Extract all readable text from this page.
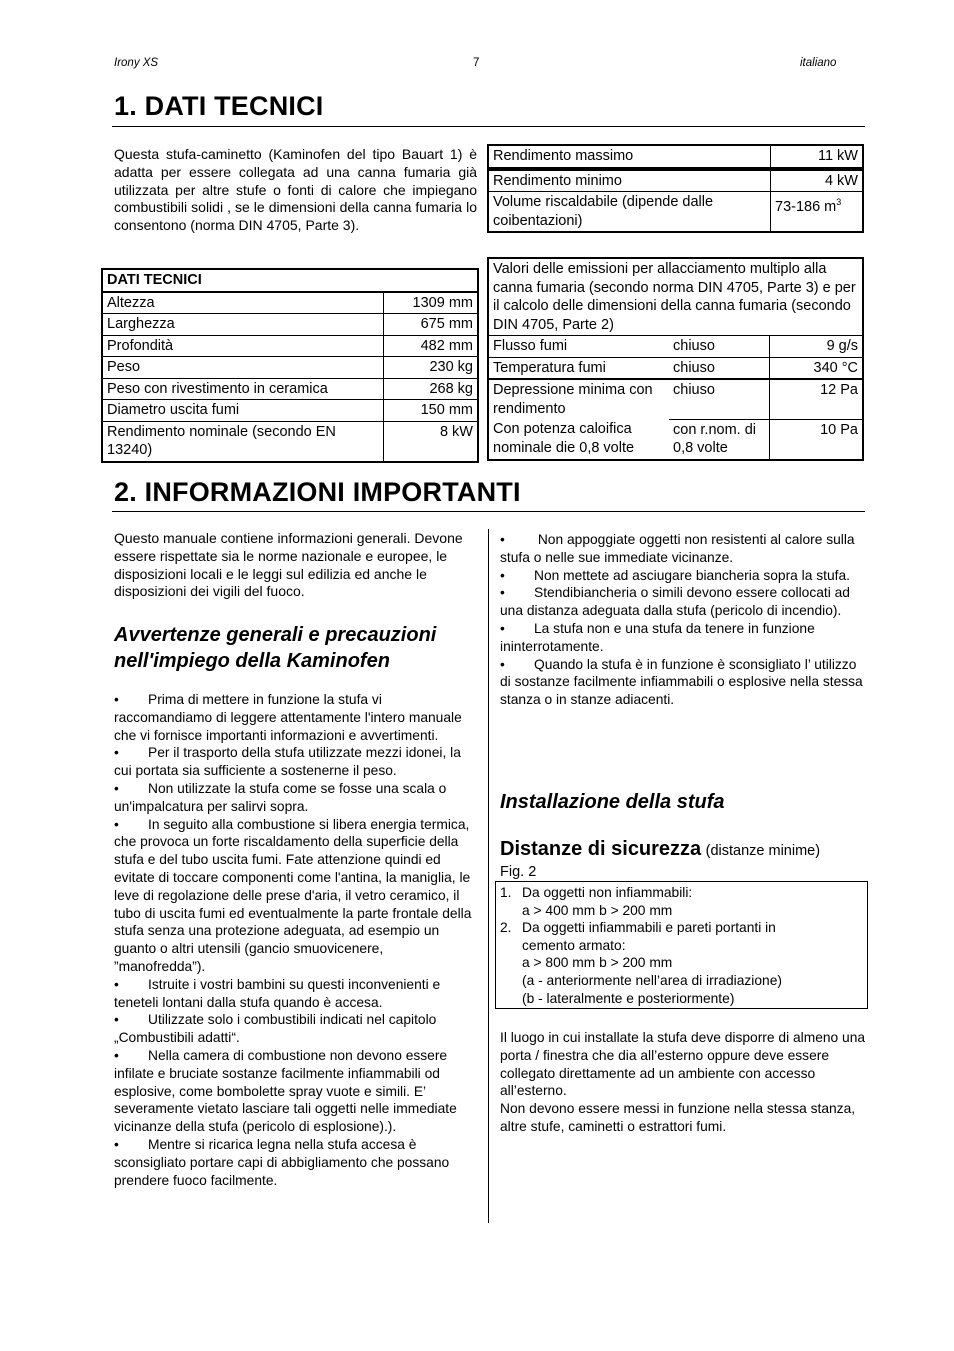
Irony XS	7	italiano
1. DATI TECNICI
Questa stufa-caminetto (Kaminofen del tipo Bauart 1) è adatta per essere collegata ad una canna fumaria già utilizzata per altre stufe o fonti di calore che impiegano combustibili solidi , se le dimensioni della canna fumaria lo consentono (norma DIN 4705, Parte 3).
Rendimento massimo	11 kW
Rendimento minimo	4 kW
Volume riscaldabile (dipende dalle coibentazioni)	73-186 $m^3$
DATI TECNICI	
Altezza	1309 mm
Larghezza	675 mm
Profondità	482 mm
Peso	230 kg
Peso con rivestimento in ceramica	268 kg
Diametro uscita fumi	150 mm
Rendimento nominale (secondo EN 13240)	8 kW
Valori delle emissioni per allacciamento multiplo alla canna fumaria (secondo norma DIN 4705, Parte 3) e per il calcolo delle dimensioni della canna fumaria (secondo DIN 4705, Parte 2)		
Flusso fumi	chiuso	9 g/s
Temperatura fumi	chiuso	340 °C
Depressione minima con rendimento	chiuso	12 Pa
Con potenza caloifica nominale die 0,8 volte	con r.nom. di 0,8 volte	10 Pa
2. INFORMAZIONI IMPORTANTI
Questo manuale contiene informazioni generali. Devone essere rispettate sia le norme nazionale e europee, le disposizioni locali e le leggi sul edilizia ed anche le disposizioni dei vigili del fuoco.
Avvertenze generali e precauzioni nell'impiego della Kaminofen
• Prima di mettere in funzione la stufa vi raccomandiamo di leggere attentamente l'intero manuale che vi fornisce importanti informazioni e avvertimenti.
• Per il trasporto della stufa utilizzate mezzi idonei, la cui portata sia sufficiente a sostenerne il peso.
• Non utilizzate la stufa come se fosse una scala o un'impalcatura per salirvi sopra.
• In seguito alla combustione si libera energia termica, che provoca un forte riscaldamento della superficie della stufa e del tubo uscita fumi. Fate attenzione quindi ed evitate di toccare componenti come l'antina, la maniglia, le leve di regolazione delle prese d'aria, il vetro ceramico, il tubo di uscita fumi ed eventualmente la parte frontale della stufa senza una protezione adeguata, ad esempio un guanto o altri utensili (gancio smuovicenere, ”manofredda”).
• Istruite i vostri bambini su questi inconvenienti e teneteli lontani dalla stufa quando è accesa.
• Utilizzate solo i combustibili indicati nel capitolo „Combustibili adatti“.
• Nella camera di combustione non devono essere infilate e bruciate sostanze facilmente infiammabili od esplosive, come bombolette spray vuote e simili. E’ severamente vietato lasciare tali oggetti nelle immediate vicinanze della stufa (pericolo di esplosione).).
• Mentre si ricarica legna nella stufa accesa è sconsigliato portare capi di abbigliamento che possano prendere fuoco facilmente.
• Non appoggiate oggetti non resistenti al calore sulla stufa o nelle sue immediate vicinanze.
• Non mettete ad asciugare biancheria sopra la stufa.
• Stendibiancheria o simili devono essere collocati ad una distanza adeguata dalla stufa (pericolo di incendio).
• La stufa non e una stufa da tenere in funzione ininterrotamente.
• Quando la stufa è in funzione è sconsigliato l’ utilizzo di sostanze facilmente infiammabili o esplosive nella stessa stanza o in stanze adiacenti.
Installazione della stufa
Distanze di sicurezza (distanze minime)
Fig. 2
1. Da oggetti non infiammabili:
a > 400 mm b > 200 mm
2. Da oggetti infiammabili e pareti portanti in
cemento armato:
a > 800 mm b > 200 mm
(a - anteriormente nell’area di irradiazione)
(b - lateralmente e posteriormente)
Il luogo in cui installate la stufa deve disporre di almeno una porta / finestra che dia all’esterno oppure deve essere collegato direttamente ad un ambiente con accesso all’esterno.
Non devono essere messi in funzione nella stessa stanza, altre stufe, caminetti o estrattori fumi.
